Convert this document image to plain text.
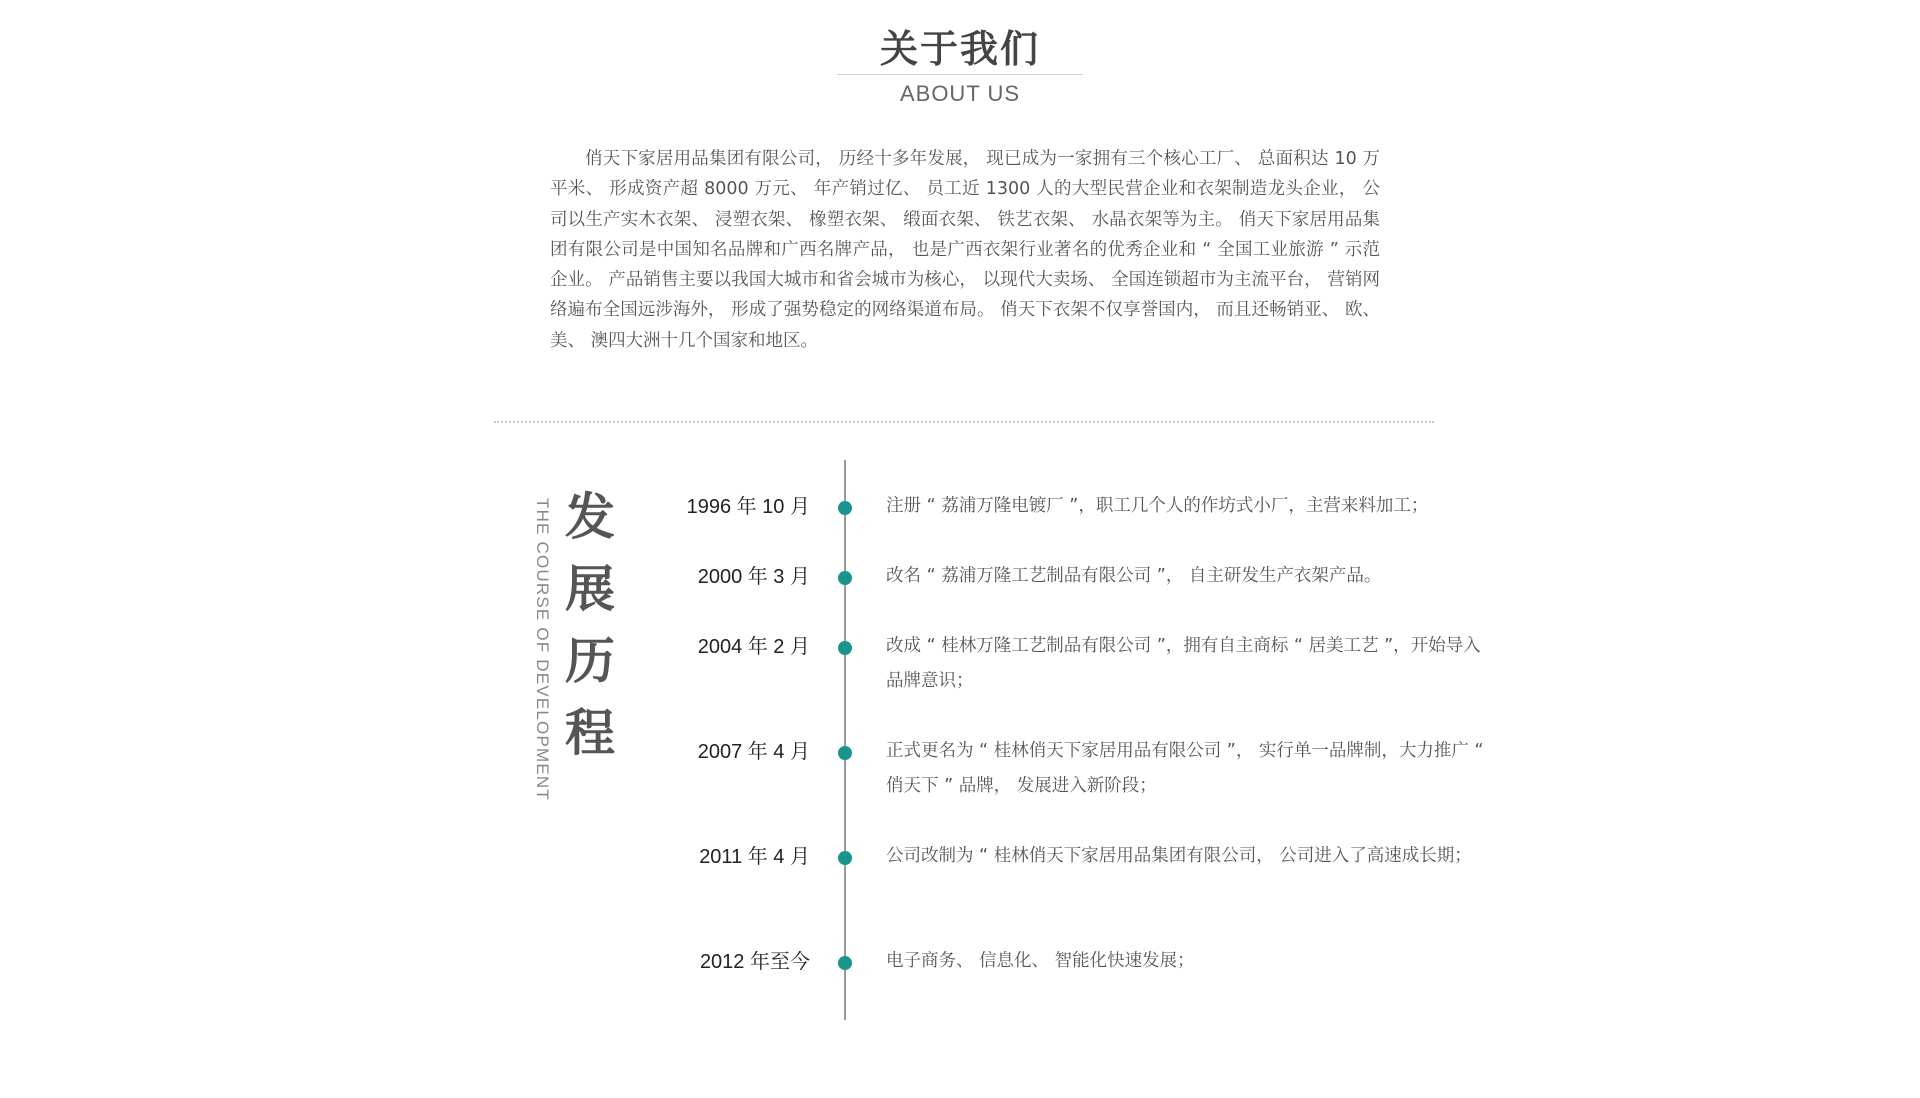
关于我们
ABOUT US

俏天下家居用品集团有限公司， 历经十多年发展， 现已成为一家拥有三个核心工厂、 总面积达 10 万平米、 形成资产超 8000 万元、 年产销过亿、 员工近 1300 人的大型民营企业和衣架制造龙头企业， 公司以生产实木衣架、 浸塑衣架、 橡塑衣架、 缎面衣架、 铁艺衣架、 水晶衣架等为主。 俏天下家居用品集团有限公司是中国知名品牌和广西名牌产品， 也是广西衣架行业著名的优秀企业和 “ 全国工业旅游 ” 示范企业。 产品销售主要以我国大城市和省会城市为核心， 以现代大卖场、 全国连锁超市为主流平台， 营销网络遍布全国远涉海外， 形成了强势稳定的网络渠道布局。 俏天下衣架不仅享誉国内， 而且还畅销亚、 欧、 美、 澳四大洲十几个国家和地区。

THE COURSE OF DEVELOPMENT 发展历程	1996 年 10 月	注册 “ 荔浦万隆电镀厂 ”，职工几个人的作坊式小厂，主营来料加工；
2000 年 3 月	改名 “ 荔浦万隆工艺制品有限公司 ”， 自主研发生产衣架产品。
2004 年 2 月	改成 “ 桂林万隆工艺制品有限公司 ”，拥有自主商标 “ 居美工艺 ”，开始导入品牌意识；
2007 年 4 月	正式更名为 “ 桂林俏天下家居用品有限公司 ”， 实行单一品牌制，大力推广 “ 俏天下 ” 品牌， 发展进入新阶段；
2011 年 4 月	公司改制为 “ 桂林俏天下家居用品集团有限公司， 公司进入了高速成长期；
2012 年至今	电子商务、 信息化、 智能化快速发展；
